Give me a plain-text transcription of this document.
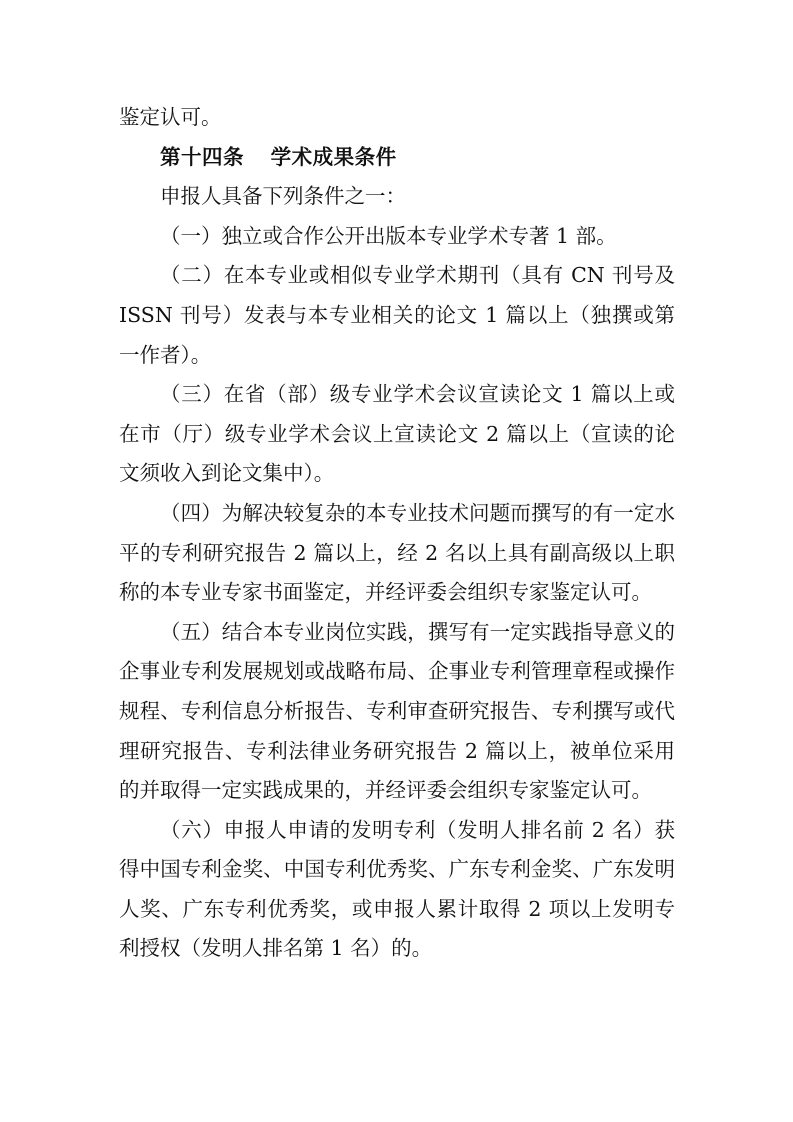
鉴定认可。

第十四条 学术成果条件

申报人具备下列条件之一：

（一）独立或合作公开出版本专业学术专著 1 部。

（二）在本专业或相似专业学术期刊（具有 CN 刊号及 ISSN 刊号）发表与本专业相关的论文 1 篇以上（独撰或第一作者）。

（三）在省（部）级专业学术会议宣读论文 1 篇以上或在市（厅）级专业学术会议上宣读论文 2 篇以上（宣读的论文须收入到论文集中）。

（四）为解决较复杂的本专业技术问题而撰写的有一定水平的专利研究报告 2 篇以上，经 2 名以上具有副高级以上职称的本专业专家书面鉴定，并经评委会组织专家鉴定认可。

（五）结合本专业岗位实践，撰写有一定实践指导意义的企事业专利发展规划或战略布局、企事业专利管理章程或操作规程、专利信息分析报告、专利审查研究报告、专利撰写或代理研究报告、专利法律业务研究报告 2 篇以上，被单位采用的并取得一定实践成果的，并经评委会组织专家鉴定认可。

（六）申报人申请的发明专利（发明人排名前 2 名）获得中国专利金奖、中国专利优秀奖、广东专利金奖、广东发明人奖、广东专利优秀奖，或申报人累计取得 2 项以上发明专利授权（发明人排名第 1 名）的。
